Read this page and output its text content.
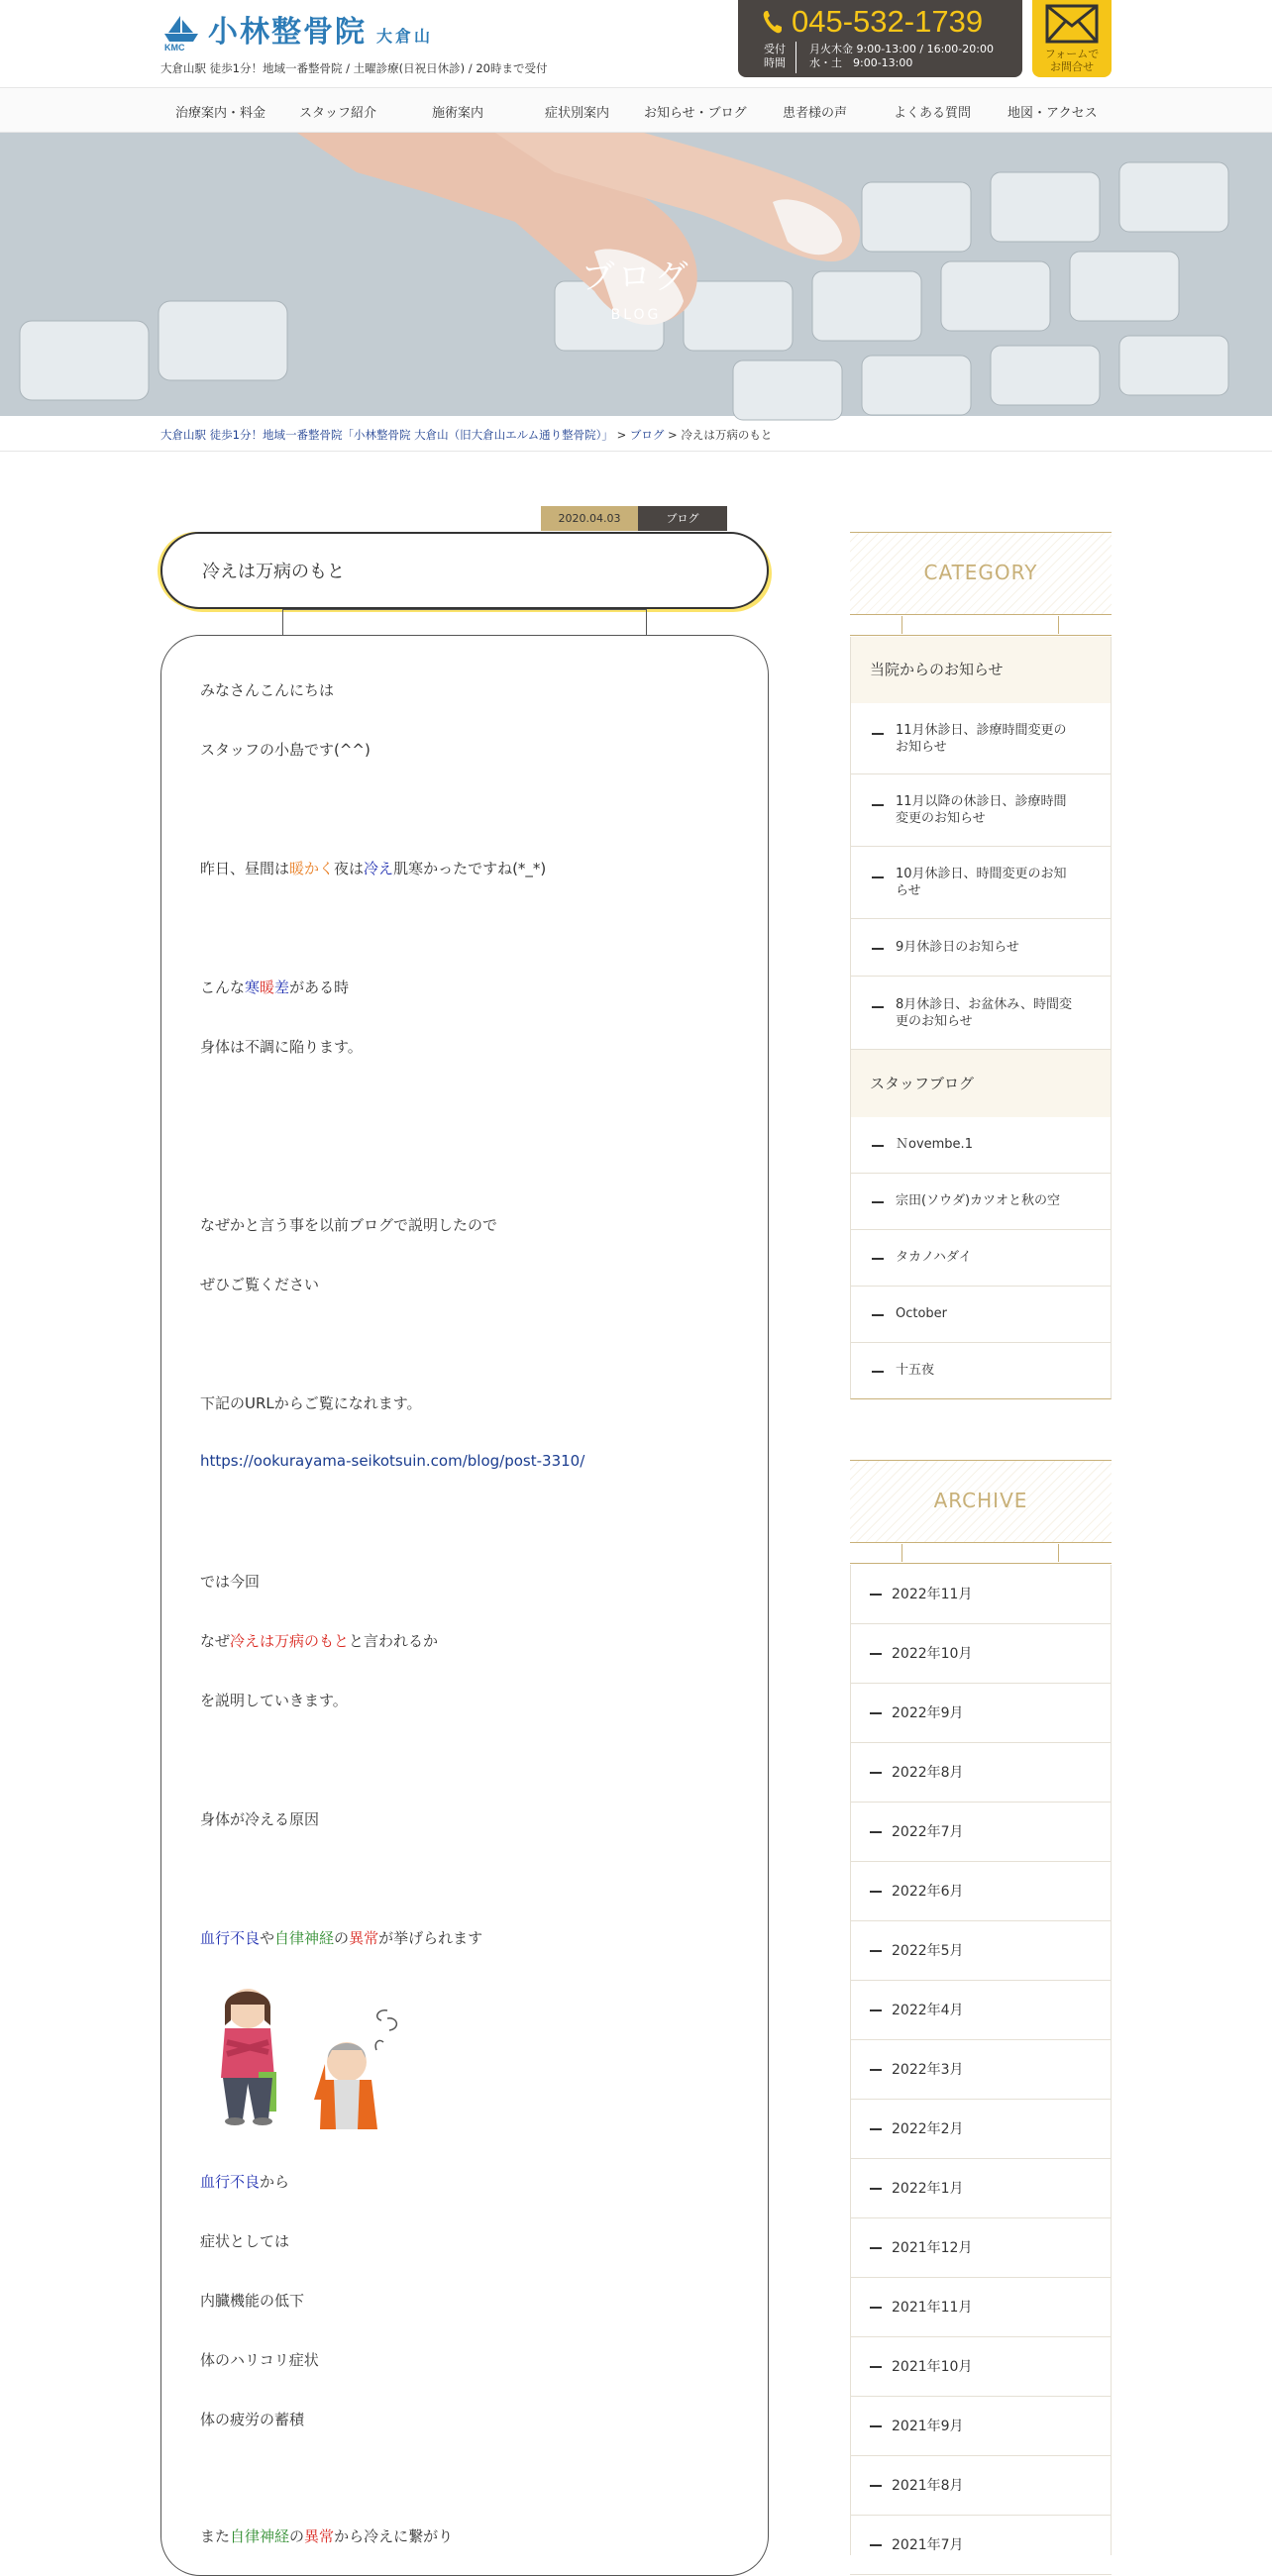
KMC 小林整骨院 大倉山
大倉山駅 徒歩1分！地域一番整骨院 / 土曜診療(日祝日休診) / 20時まで受付
045-532-1739
受付時間
月火木金 9:00-13:00 / 16:00-20:00
水・土　9:00-13:00
フォームでお問合せ
治療案内・料金	スタッフ紹介	施術案内	症状別案内	お知らせ・ブログ	患者様の声	よくある質問	地図・アクセス
ブログ
BLOG
大倉山駅 徒歩1分！地域一番整骨院「小林整骨院 大倉山（旧大倉山エルム通り整骨院）」 > ブログ > 冷えは万病のもと
2020.04.03	ブログ
冷えは万病のもと
みなさんこんにちは
スタッフの小島です(^^)
昨日、昼間は暖かく夜は冷え肌寒かったですね(*_*)
こんな寒暖差がある時
身体は不調に陥ります。
なぜかと言う事を以前ブログで説明したので
ぜひご覧ください
下記のURLからご覧になれます。
https://ookurayama-seikotsuin.com/blog/post-3310/
では今回
なぜ冷えは万病のもとと言われるか
を説明していきます。
身体が冷える原因
血行不良や自律神経の異常が挙げられます
血行不良から
症状としては
内臓機能の低下
体のハリコリ症状
体の疲労の蓄積
また自律神経の異常から冷えに繋がり
CATEGORY
当院からのお知らせ
11月休診日、診療時間変更の
お知らせ
11月以降の休診日、診療時間
変更のお知らせ
10月休診日、時間変更のお知
らせ
9月休診日のお知らせ
8月休診日、お盆休み、時間変
更のお知らせ
スタッフブログ
Ｎovembe.1
宗田(ソウダ)カツオと秋の空
タカノハダイ
October
十五夜
ARCHIVE
2022年11月
2022年10月
2022年9月
2022年8月
2022年7月
2022年6月
2022年5月
2022年4月
2022年3月
2022年2月
2022年1月
2021年12月
2021年11月
2021年10月
2021年9月
2021年8月
2021年7月
